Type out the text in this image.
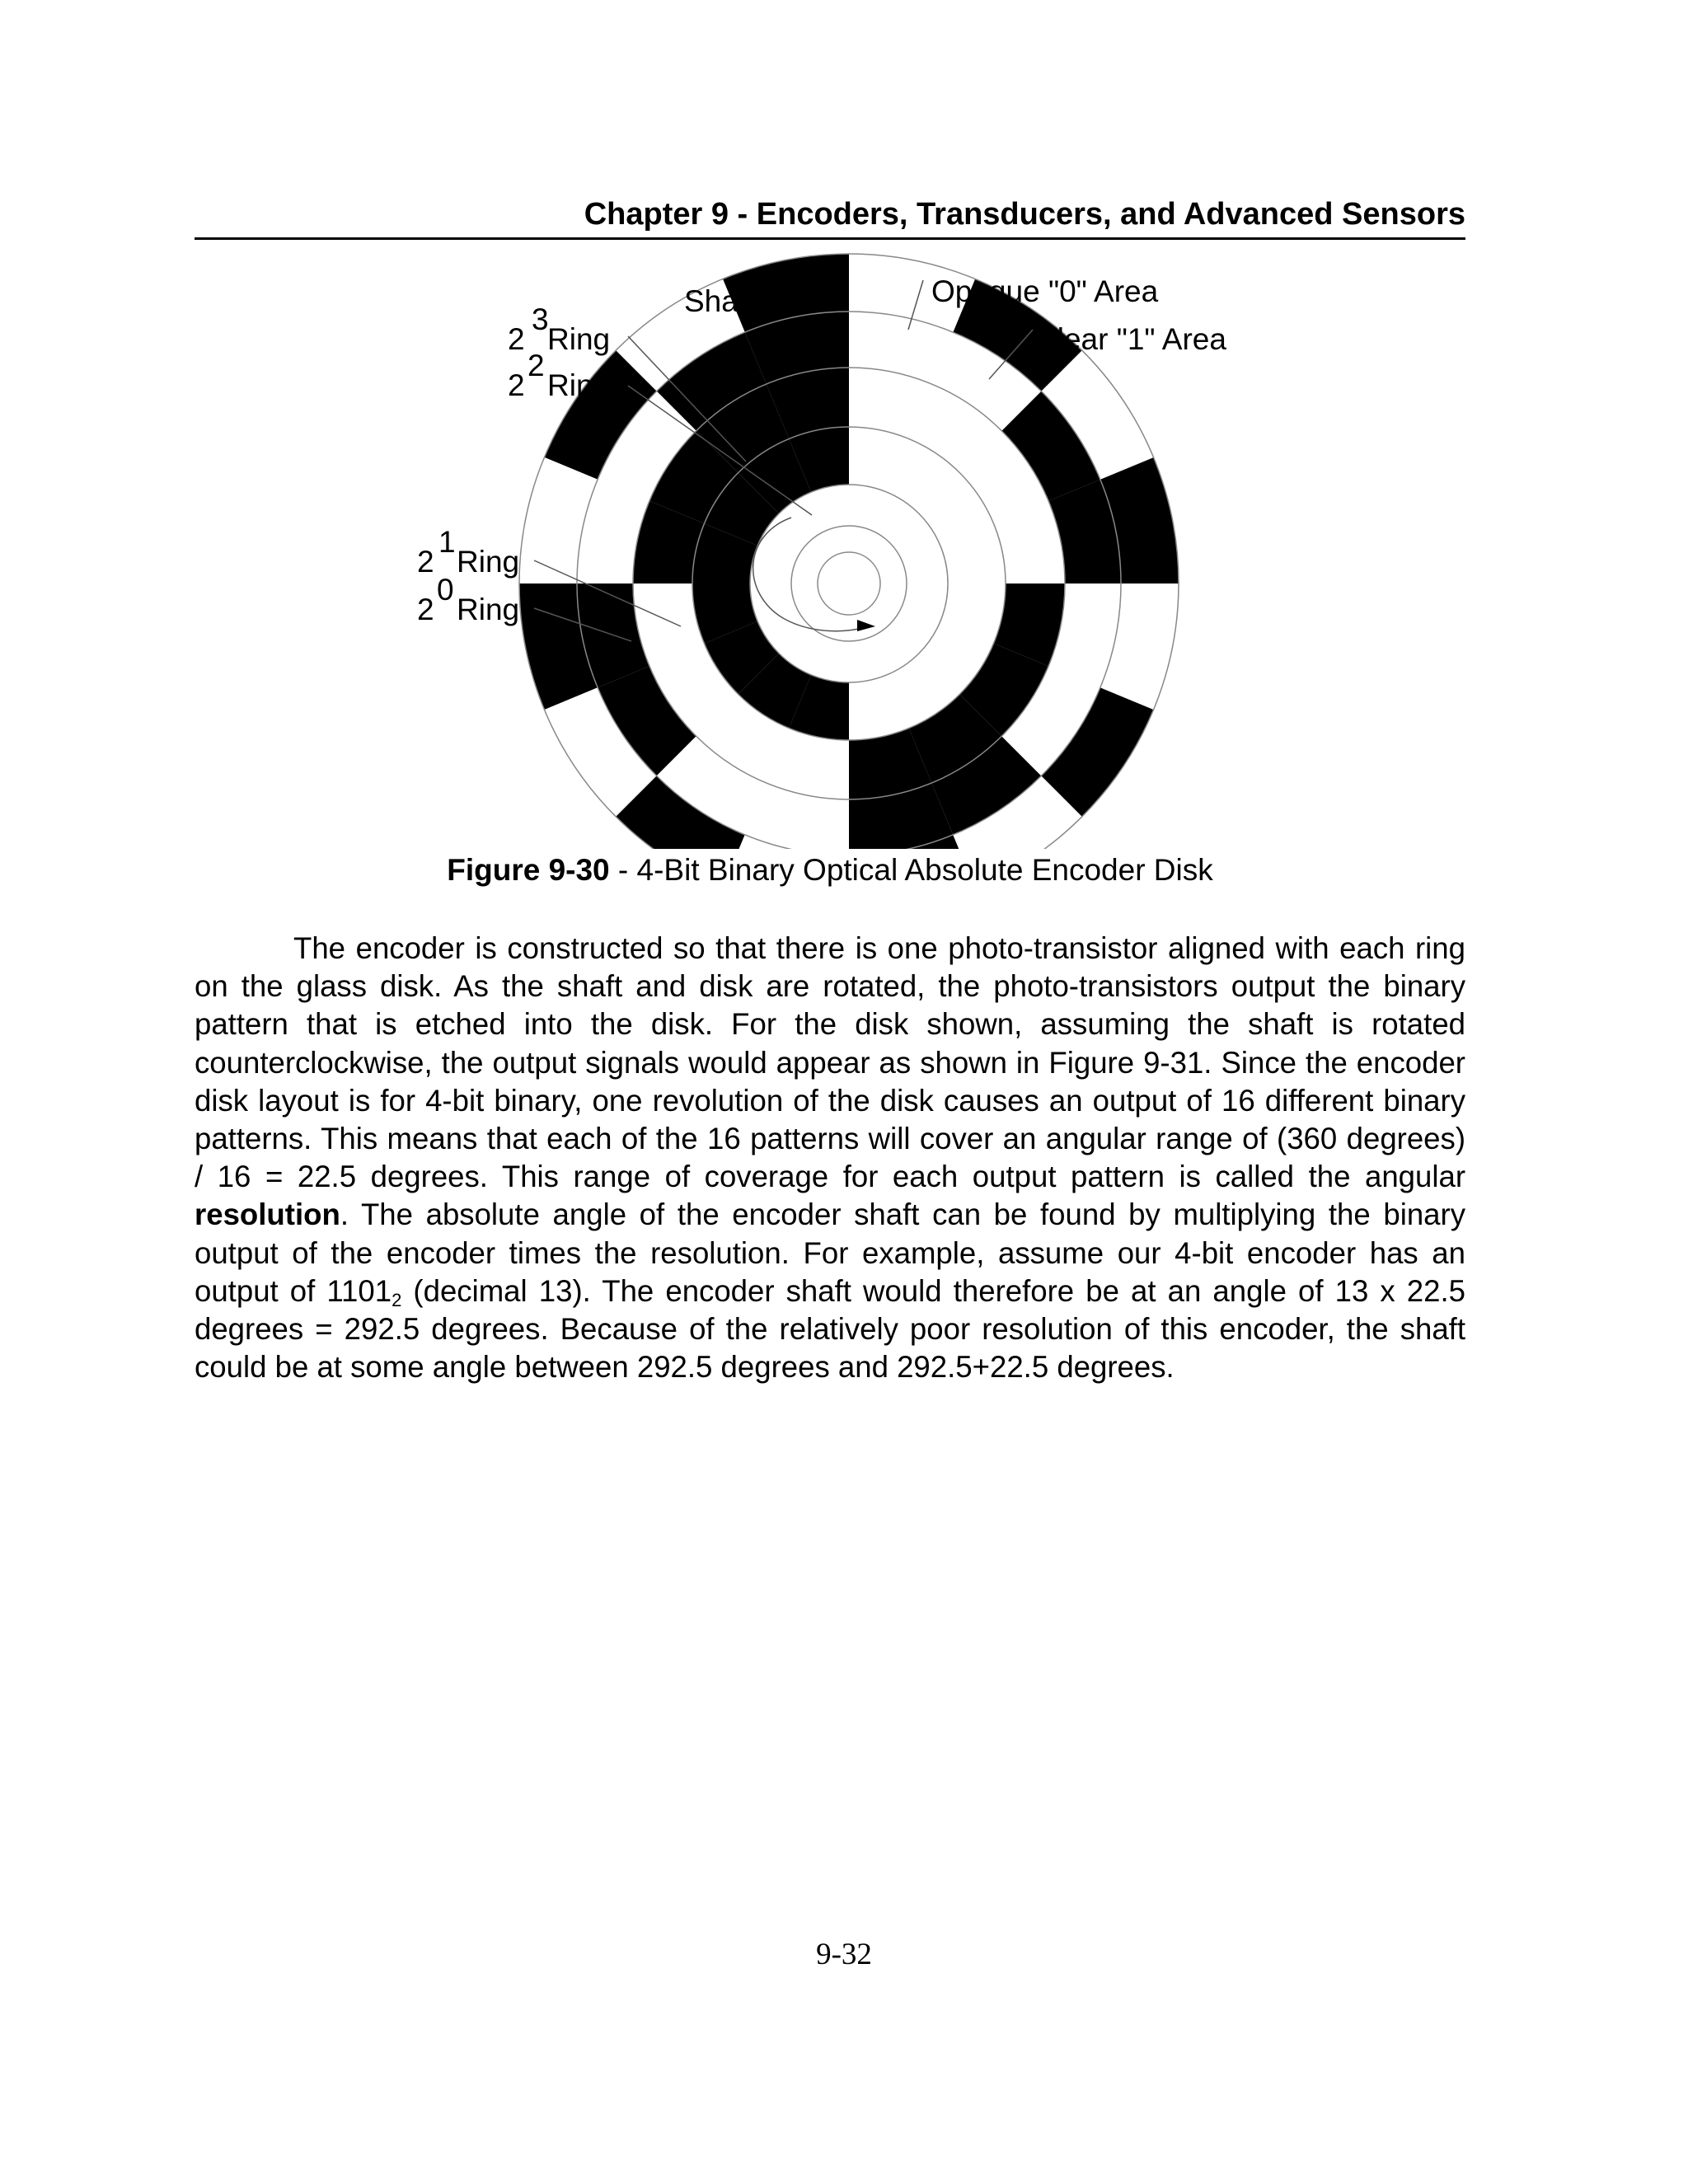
Chapter 9 - Encoders, Transducers, and Advanced Sensors
Shaft	Opaque "0" Area
Clear "1" Area
2
3
Ring
2
2
Ring
2
1
Ring
2
0
Ring
Figure 9-30 - 4-Bit Binary Optical Absolute Encoder Disk

The encoder is constructed so that there is one photo-transistor aligned with each ring on the glass disk. As the shaft and disk are rotated, the photo-transistors output the binary pattern that is etched into the disk. For the disk shown, assuming the shaft is rotated counterclockwise, the output signals would appear as shown in Figure 9-31. Since the encoder disk layout is for 4-bit binary, one revolution of the disk causes an output of 16 different binary patterns. This means that each of the 16 patterns will cover an angular range of (360 degrees) / 16 = 22.5 degrees. This range of coverage for each output pattern is called the angular resolution. The absolute angle of the encoder shaft can be found by multiplying the binary output of the encoder times the resolution. For example, assume our 4-bit encoder has an output of $1101_2$ (decimal 13). The encoder shaft would therefore be at an angle of 13 x 22.5 degrees = 292.5 degrees. Because of the relatively poor resolution of this encoder, the shaft could be at some angle between 292.5 degrees and 292.5+22.5 degrees.

9-32
